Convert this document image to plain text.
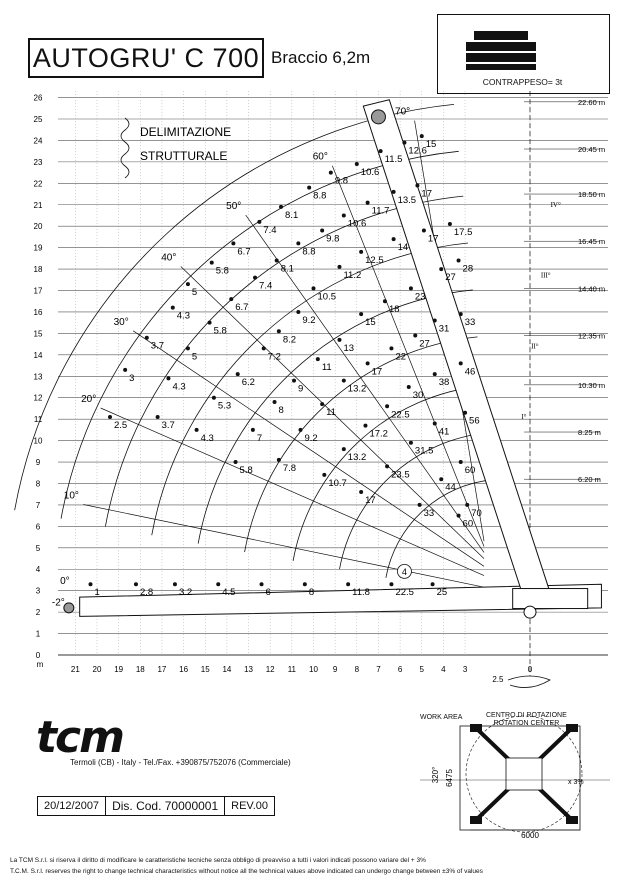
AUTOGRU' C 700 Braccio 6,2m
CONTRAPPESO= 3t
0
1
2
3
4
5
6
7
8
9
10
11
12
13
14
15
16
17
18
19
20
21
22
23
24
25
26
21 20 19 18 17 16 15 14 13 12 11 10 9 8 7 6 5 4 3	0
m
2.5
I°
II°
III°
IV°
22.60 m
20.45 m
18.50 m
16.45 m
14.40 m
12.35 m
10.30 m
8.25 m
6.20 m
70°
60°
50°
40°
30°
20°
10°
0°
-2°
15
12.6
11.5
10.6
9.8
8.8
8.1
7.4
6.7
5.8
5
4.3
3.7
3
2.5
1
17
13.5
11.7
10.6
9.8
8.8
8.1
7.4
6.7
5.8
5
4.3
3.7
2.8
17.5
17
14
12.5
11.2
10.5
9.2
8.2
7.2
6.2
5.3
4.3
3.2
28
27
23
18
15
13
11
9
8
7
5.8
4.5
33
31
27
22
17
13.2
11
9.2
7.8
6
46
38
30
22.5
17.2
13.2
10.7
8
56
41
31.5
23.5
17
11.8
60
44
33
22.5
70
60
25
4
DELIMITAZIONE
STRUTTURALE
6000
6475
320°	x 3%
tcm
Termoli (CB) - Italy - Tel./Fax. +390875/752076 (Commerciale)
20/12/2007	Dis. Cod. 70000001	REV.00
La TCM S.r.l. si riserva il diritto di modificare le caratteristiche tecniche senza obbligo di preavviso a tutti i valori indicati possono variare del + 3%
T.C.M. S.r.l. reserves the right to change technical characteristics without notice all the technical values above indicated can undergo change between ±3% of values
WORK AREA	CENTRO DI ROTAZIONE
ROTATION CENTER
